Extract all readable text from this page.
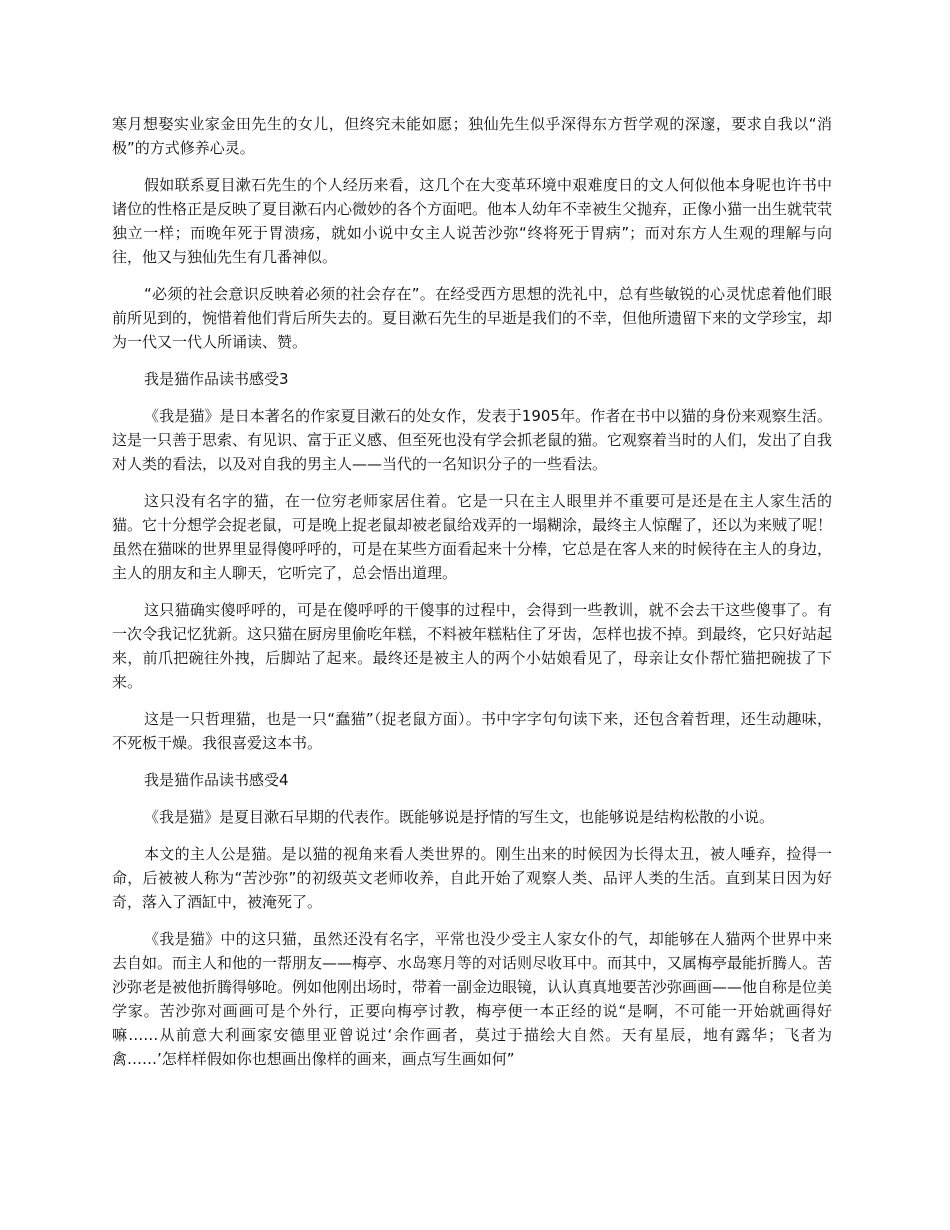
寒月想娶实业家金田先生的女儿，但终究未能如愿；独仙先生似乎深得东方哲学观的深邃，要求自我以“消极”的方式修养心灵。

假如联系夏目漱石先生的个人经历来看，这几个在大变革环境中艰难度日的文人何似他本身呢也许书中诸位的性格正是反映了夏目漱石内心微妙的各个方面吧。他本人幼年不幸被生父抛弃，正像小猫一出生就茕茕独立一样；而晚年死于胃溃疡，就如小说中女主人说苦沙弥“终将死于胃病”；而对东方人生观的理解与向往，他又与独仙先生有几番神似。

“必须的社会意识反映着必须的社会存在”。在经受西方思想的洗礼中，总有些敏锐的心灵忧虑着他们眼前所见到的，惋惜着他们背后所失去的。夏目漱石先生的早逝是我们的不幸，但他所遗留下来的文学珍宝，却为一代又一代人所诵读、赞。

我是猫作品读书感受3

《我是猫》是日本著名的作家夏目漱石的处女作，发表于1905年。作者在书中以猫的身份来观察生活。这是一只善于思索、有见识、富于正义感、但至死也没有学会抓老鼠的猫。它观察着当时的人们，发出了自我对人类的看法，以及对自我的男主人——当代的一名知识分子的一些看法。

这只没有名字的猫，在一位穷老师家居住着。它是一只在主人眼里并不重要可是还是在主人家生活的猫。它十分想学会捉老鼠，可是晚上捉老鼠却被老鼠给戏弄的一塌糊涂，最终主人惊醒了，还以为来贼了呢！虽然在猫咪的世界里显得傻呼呼的，可是在某些方面看起来十分棒，它总是在客人来的时候待在主人的身边，主人的朋友和主人聊天，它听完了，总会悟出道理。

这只猫确实傻呼呼的，可是在傻呼呼的干傻事的过程中，会得到一些教训，就不会去干这些傻事了。有一次令我记忆犹新。这只猫在厨房里偷吃年糕，不料被年糕粘住了牙齿，怎样也拔不掉。到最终，它只好站起来，前爪把碗往外拽，后脚站了起来。最终还是被主人的两个小姑娘看见了，母亲让女仆帮忙猫把碗拔了下来。

这是一只哲理猫，也是一只“蠢猫”（捉老鼠方面）。书中字字句句读下来，还包含着哲理，还生动趣味，不死板干燥。我很喜爱这本书。

我是猫作品读书感受4

《我是猫》是夏目漱石早期的代表作。既能够说是抒情的写生文，也能够说是结构松散的小说。

本文的主人公是猫。是以猫的视角来看人类世界的。刚生出来的时候因为长得太丑，被人唾弃，捡得一命，后被被人称为“苦沙弥”的初级英文老师收养，自此开始了观察人类、品评人类的生活。直到某日因为好奇，落入了酒缸中，被淹死了。

《我是猫》中的这只猫，虽然还没有名字，平常也没少受主人家女仆的气，却能够在人猫两个世界中来去自如。而主人和他的一帮朋友——梅亭、水岛寒月等的对话则尽收耳中。而其中，又属梅亭最能折腾人。苦沙弥老是被他折腾得够呛。例如他刚出场时，带着一副金边眼镜，认认真真地要苦沙弥画画——他自称是位美学家。苦沙弥对画画可是个外行，正要向梅亭讨教，梅亭便一本正经的说“是啊，不可能一开始就画得好嘛……从前意大利画家安德里亚曾说过‘余作画者，莫过于描绘大自然。天有星辰，地有露华；飞者为禽……’怎样样假如你也想画出像样的画来，画点写生画如何”
